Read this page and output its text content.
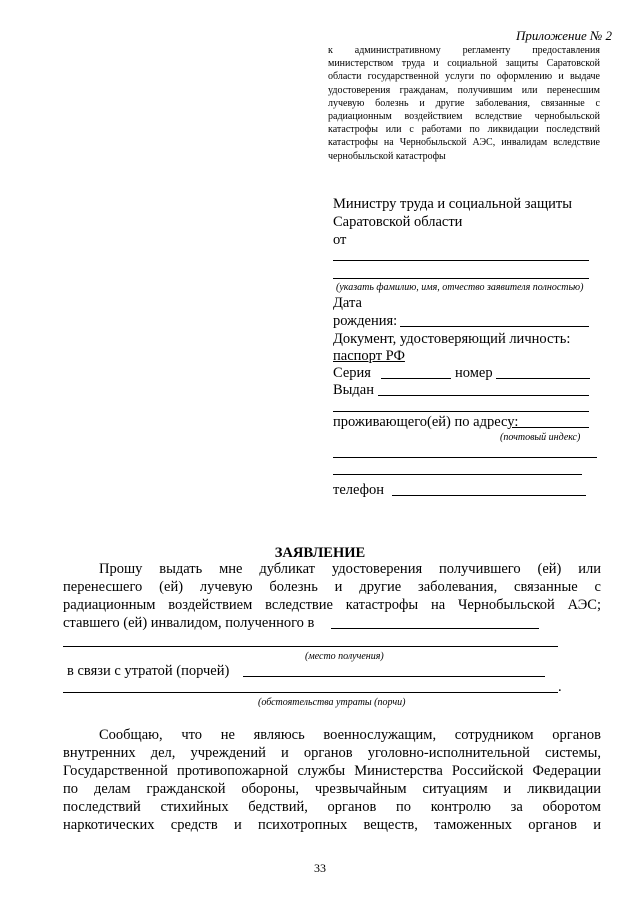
Приложение № 2
к административному регламенту предоставления министерством труда и социальной защиты Саратовской области государственной услуги по оформлению и выдаче удостоверения гражданам, получившим или перенесшим лучевую болезнь и другие заболевания, связанные с радиационным воздействием вследствие чернобыльской катастрофы или с работами по ликвидации последствий катастрофы на Чернобыльской АЭС, инвалидам вследствие чернобыльской катастрофы
Министру труда и социальной защиты
Саратовской области
от
(указать фамилию, имя, отчество заявителя полностью)
Дата
рождения:
Документ, удостоверяющий личность:
паспорт РФ
Серия	номер
Выдан
проживающего(ей) по адресу:
(почтовый индекс)
телефон
ЗАЯВЛЕНИЕ

Прошу выдать мне дубликат удостоверения получившего (ей) или

перенесшего (ей) лучевую болезнь и другие заболевания, связанные с

радиационным воздействием вследствие катастрофы на Чернобыльской АЭС;

ставшего (ей) инвалидом, полученного в

(место получения)
в связи с утратой (порчей)
.
(обстоятельства утраты (порчи)

Сообщаю, что не являюсь военнослужащим, сотрудником органов

внутренних дел, учреждений и органов уголовно-исполнительной системы,

Государственной противопожарной службы Министерства Российской Федерации

по делам гражданской обороны, чрезвычайным ситуациям и ликвидации

последствий стихийных бедствий, органов по контролю за оборотом

наркотических средств и психотропных веществ, таможенных органов и

33
